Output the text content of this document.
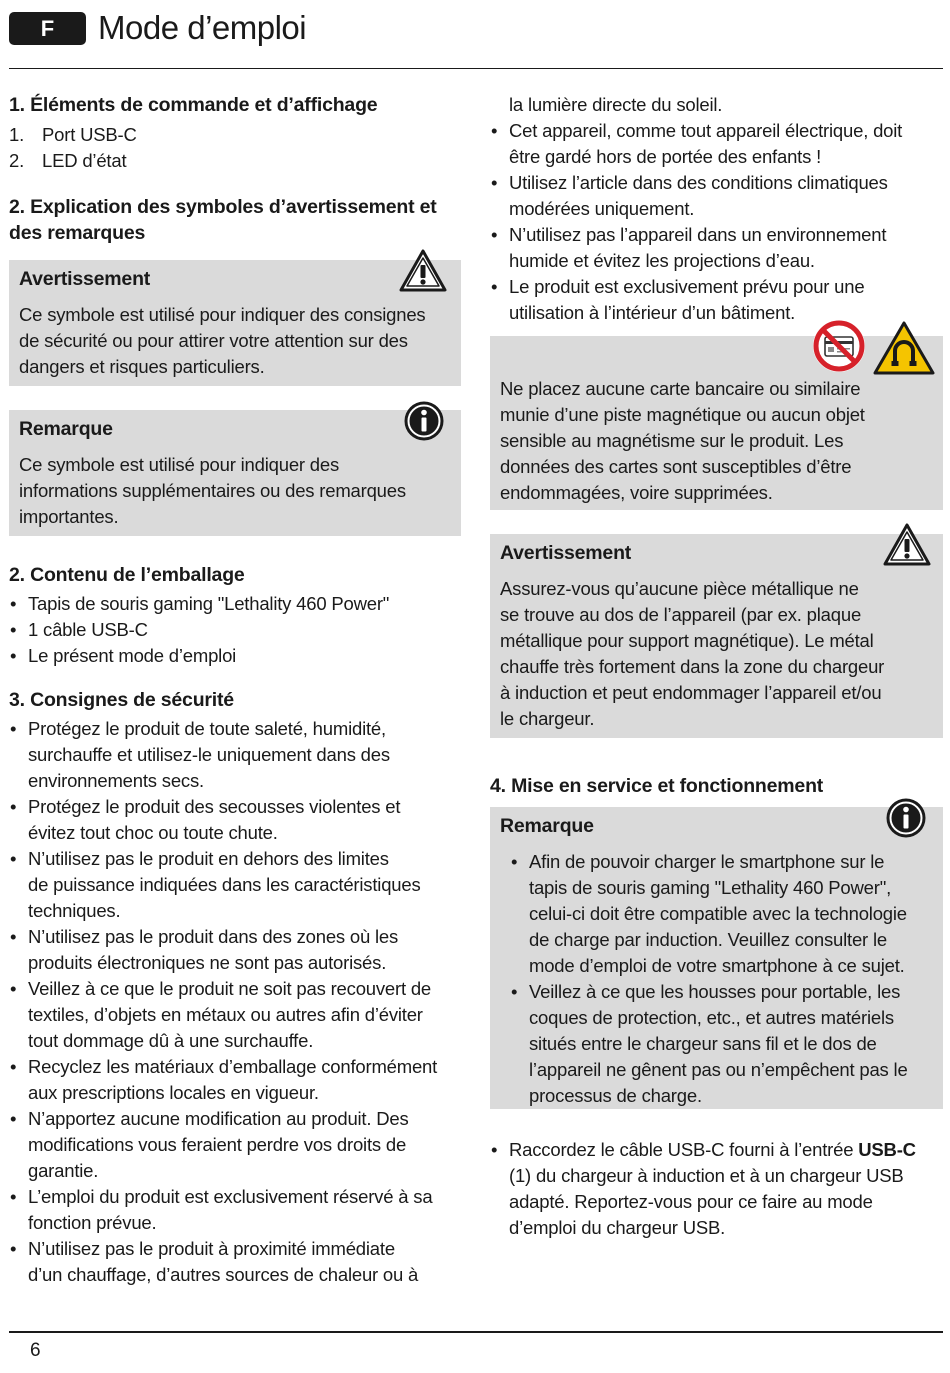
F	Mode d’emploi
1. Éléments de commande et d’affichage
1. Port USB-C
2. LED d’état
2. Explication des symboles d’avertissement et
des remarques
Avertissement

Ce symbole est utilisé pour indiquer des consignes
de sécurité ou pour attirer votre attention sur des
dangers et risques particuliers.

Remarque

Ce symbole est utilisé pour indiquer des
informations supplémentaires ou des remarques
importantes.

2. Contenu de l’emballage
• Tapis de souris gaming "Lethality 460 Power"
• 1 câble USB-C
• Le présent mode d’emploi
3. Consignes de sécurité
• Protégez le produit de toute saleté, humidité,
surchauffe et utilisez-le uniquement dans des
environnements secs.
• Protégez le produit des secousses violentes et
évitez tout choc ou toute chute.
• N’utilisez pas le produit en dehors des limites
de puissance indiquées dans les caractéristiques
techniques.
• N’utilisez pas le produit dans des zones où les
produits électroniques ne sont pas autorisés.
• Veillez à ce que le produit ne soit pas recouvert de
textiles, d’objets en métaux ou autres afin d’éviter
tout dommage dû à une surchauffe.
• Recyclez les matériaux d’emballage conformément
aux prescriptions locales en vigueur.
• N’apportez aucune modification au produit. Des
modifications vous feraient perdre vos droits de
garantie.
• L’emploi du produit est exclusivement réservé à sa
fonction prévue.
• N’utilisez pas le produit à proximité immédiate
d’un chauffage, d’autres sources de chaleur ou à

la lumière directe du soleil.

• Cet appareil, comme tout appareil électrique, doit
être gardé hors de portée des enfants !
• Utilisez l’article dans des conditions climatiques
modérées uniquement.
• N’utilisez pas l’appareil dans un environnement
humide et évitez les projections d’eau.
• Le produit est exclusivement prévu pour une
utilisation à l’intérieur d’un bâtiment.

Ne placez aucune carte bancaire ou similaire
munie d’une piste magnétique ou aucun objet
sensible au magnétisme sur le produit. Les
données des cartes sont susceptibles d’être
endommagées, voire supprimées.

Avertissement

Assurez-vous qu’aucune pièce métallique ne
se trouve au dos de l’appareil (par ex. plaque
métallique pour support magnétique). Le métal
chauffe très fortement dans la zone du chargeur
à induction et peut endommager l’appareil et/ou
le chargeur.

4. Mise en service et fonctionnement
Remarque
• Afin de pouvoir charger le smartphone sur le
tapis de souris gaming "Lethality 460 Power",
celui-ci doit être compatible avec la technologie
de charge par induction. Veuillez consulter le
mode d’emploi de votre smartphone à ce sujet.
• Veillez à ce que les housses pour portable, les
coques de protection, etc., et autres matériels
situés entre le chargeur sans fil et le dos de
l’appareil ne gênent pas ou n’empêchent pas le
processus de charge.
• Raccordez le câble USB-C fourni à l’entrée USB-C
(1) du chargeur à induction et à un chargeur USB
adapté. Reportez-vous pour ce faire au mode
d’emploi du chargeur USB.
6
